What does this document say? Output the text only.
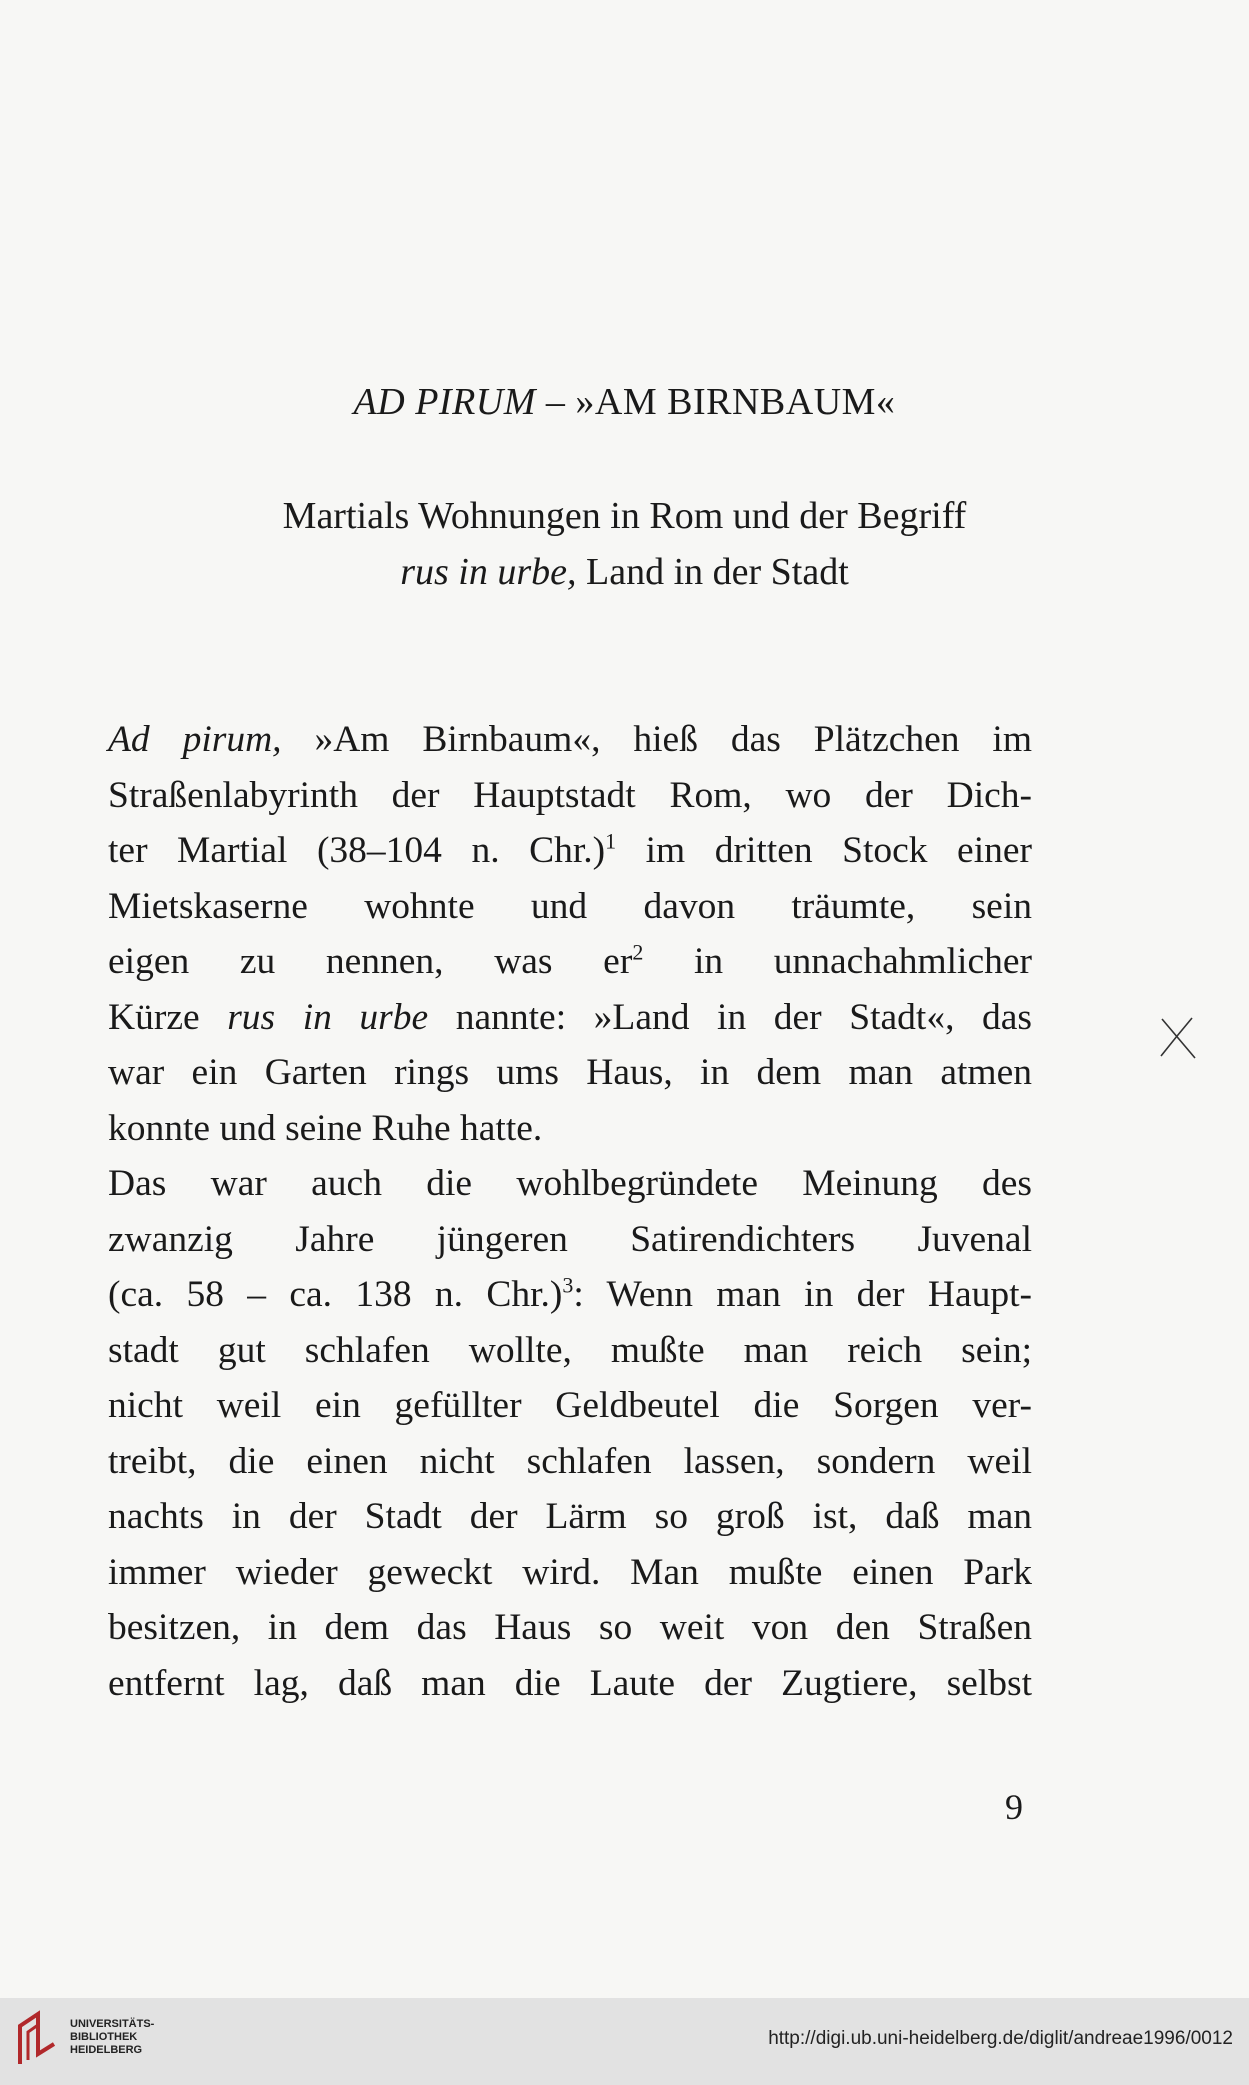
AD PIRUM – »AM BIRNBAUM«
Martials Wohnungen in Rom und der Begriff
rus in urbe, Land in der Stadt
Ad pirum, »Am Birnbaum«, hieß das Plätzchen im
Straßenlabyrinth der Hauptstadt Rom, wo der Dich-
ter Martial (38–104 n. Chr.)$^1$ im dritten Stock einer
Mietskaserne wohnte und davon träumte, sein
eigen zu nennen, was $er^2$ in unnachahmlicher
Kürze rus in urbe nannte: »Land in der Stadt«, das
war ein Garten rings ums Haus, in dem man atmen
konnte und seine Ruhe hatte.
Das war auch die wohlbegründete Meinung des
zwanzig Jahre jüngeren Satirendichters Juvenal
(ca. 58 – ca. 138 n. Chr.)$^3$: Wenn man in der Haupt-
stadt gut schlafen wollte, mußte man reich sein;
nicht weil ein gefüllter Geldbeutel die Sorgen ver-
treibt, die einen nicht schlafen lassen, sondern weil
nachts in der Stadt der Lärm so groß ist, daß man
immer wieder geweckt wird. Man mußte einen Park
besitzen, in dem das Haus so weit von den Straßen
entfernt lag, daß man die Laute der Zugtiere, selbst
9
UNIVERSITÄTS-
BIBLIOTHEK
HEIDELBERG
http://digi.ub.uni-heidelberg.de/diglit/andreae1996/0012
